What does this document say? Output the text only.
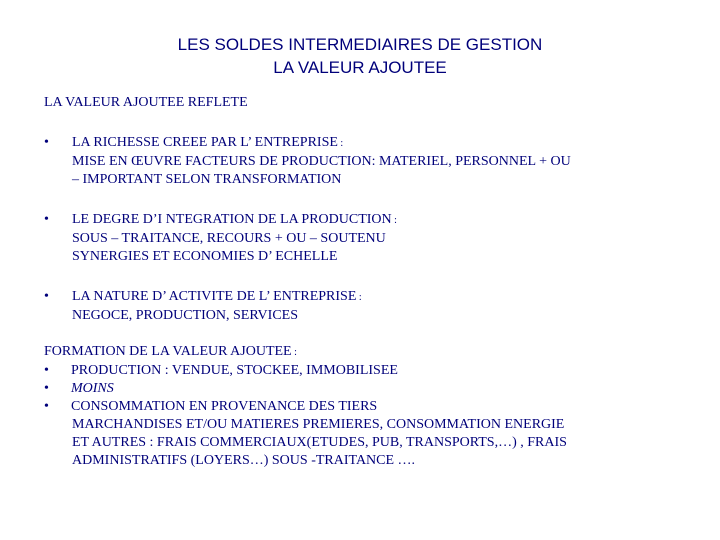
LES SOLDES INTERMEDIAIRES DE GESTION
LA VALEUR AJOUTEE
LA VALEUR AJOUTEE REFLETE
• LA RICHESSE CREEE PAR L’ ENTREPRISE :
MISE EN ŒUVRE FACTEURS DE PRODUCTION: MATERIEL, PERSONNEL + OU
– IMPORTANT SELON TRANSFORMATION
• LE DEGRE D’I NTEGRATION DE LA PRODUCTION :
SOUS – TRAITANCE, RECOURS + OU – SOUTENU
SYNERGIES ET ECONOMIES D’ ECHELLE
• LA NATURE D’ ACTIVITE DE L’ ENTREPRISE :
NEGOCE, PRODUCTION, SERVICES
FORMATION DE LA VALEUR AJOUTEE :
• PRODUCTION : VENDUE, STOCKEE, IMMOBILISEE
• MOINS
• CONSOMMATION EN PROVENANCE DES TIERS
MARCHANDISES ET/OU MATIERES PREMIERES, CONSOMMATION ENERGIE
ET AUTRES : FRAIS COMMERCIAUX(ETUDES, PUB, TRANSPORTS,…) , FRAIS
ADMINISTRATIFS (LOYERS…) SOUS -TRAITANCE ….
